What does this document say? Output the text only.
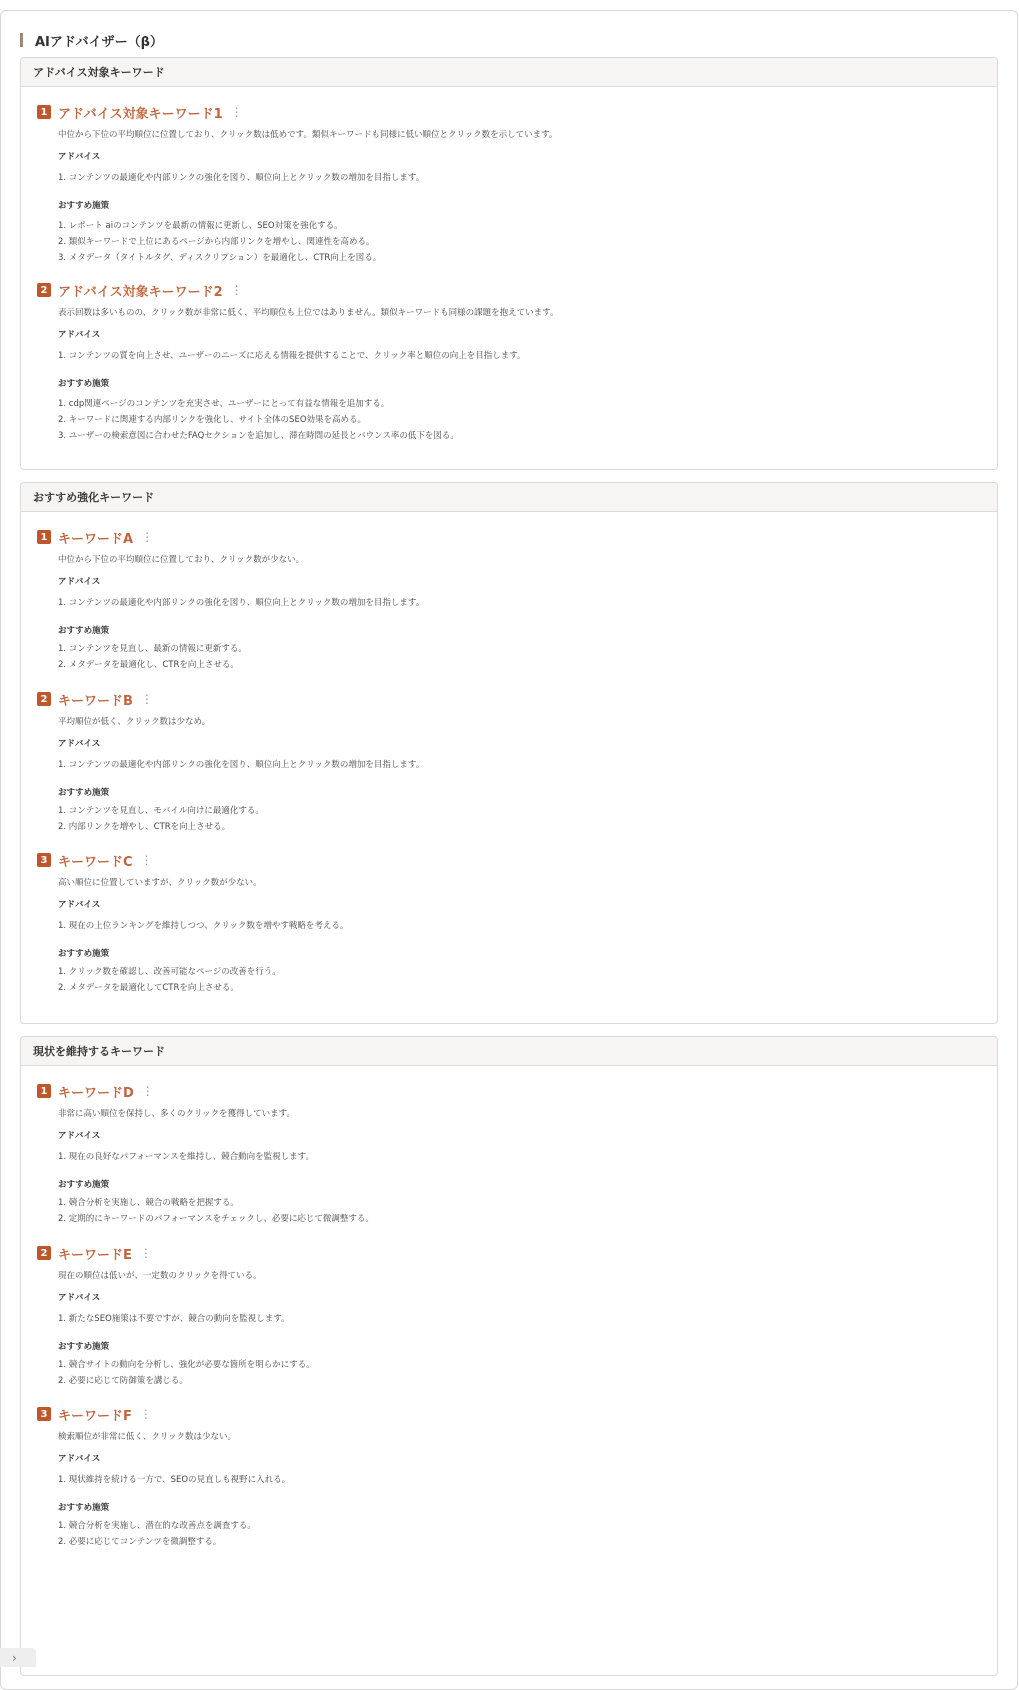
AIアドバイザー（β）
アドバイス対象キーワード
1 アドバイス対象キーワード1 ⋮
中位から下位の平均順位に位置しており、クリック数は低めです。類似キーワードも同様に低い順位とクリック数を示しています。
アドバイス
1. コンテンツの最適化や内部リンクの強化を図り、順位向上とクリック数の増加を目指します。
おすすめ施策
1. レポート aiのコンテンツを最新の情報に更新し、SEO対策を強化する。
2. 類似キーワードで上位にあるページから内部リンクを増やし、関連性を高める。
3. メタデータ（タイトルタグ、ディスクリプション）を最適化し、CTR向上を図る。
2 アドバイス対象キーワード2 ⋮
表示回数は多いものの、クリック数が非常に低く、平均順位も上位ではありません。類似キーワードも同様の課題を抱えています。
アドバイス
1. コンテンツの質を向上させ、ユーザーのニーズに応える情報を提供することで、クリック率と順位の向上を目指します。
おすすめ施策
1. cdp関連ページのコンテンツを充実させ、ユーザーにとって有益な情報を追加する。
2. キーワードに関連する内部リンクを強化し、サイト全体のSEO効果を高める。
3. ユーザーの検索意図に合わせたFAQセクションを追加し、滞在時間の延長とバウンス率の低下を図る。
おすすめ強化キーワード
1 キーワードA ⋮
中位から下位の平均順位に位置しており、クリック数が少ない。
アドバイス
1. コンテンツの最適化や内部リンクの強化を図り、順位向上とクリック数の増加を目指します。
おすすめ施策
1. コンテンツを見直し、最新の情報に更新する。
2. メタデータを最適化し、CTRを向上させる。
2 キーワードB ⋮
平均順位が低く、クリック数は少なめ。
アドバイス
1. コンテンツの最適化や内部リンクの強化を図り、順位向上とクリック数の増加を目指します。
おすすめ施策
1. コンテンツを見直し、モバイル向けに最適化する。
2. 内部リンクを増やし、CTRを向上させる。
3 キーワードC ⋮
高い順位に位置していますが、クリック数が少ない。
アドバイス
1. 現在の上位ランキングを維持しつつ、クリック数を増やす戦略を考える。
おすすめ施策
1. クリック数を確認し、改善可能なページの改善を行う。
2. メタデータを最適化してCTRを向上させる。
現状を維持するキーワード
1 キーワードD ⋮
非常に高い順位を保持し、多くのクリックを獲得しています。
アドバイス
1. 現在の良好なパフォーマンスを維持し、競合動向を監視します。
おすすめ施策
1. 競合分析を実施し、競合の戦略を把握する。
2. 定期的にキーワードのパフォーマンスをチェックし、必要に応じて微調整する。
2 キーワードE ⋮
現在の順位は低いが、一定数のクリックを得ている。
アドバイス
1. 新たなSEO施策は不要ですが、競合の動向を監視します。
おすすめ施策
1. 競合サイトの動向を分析し、強化が必要な箇所を明らかにする。
2. 必要に応じて防御策を講じる。
3 キーワードF ⋮
検索順位が非常に低く、クリック数は少ない。
アドバイス
1. 現状維持を続ける一方で、SEOの見直しも視野に入れる。
おすすめ施策
1. 競合分析を実施し、潜在的な改善点を調査する。
2. 必要に応じてコンテンツを微調整する。
›
